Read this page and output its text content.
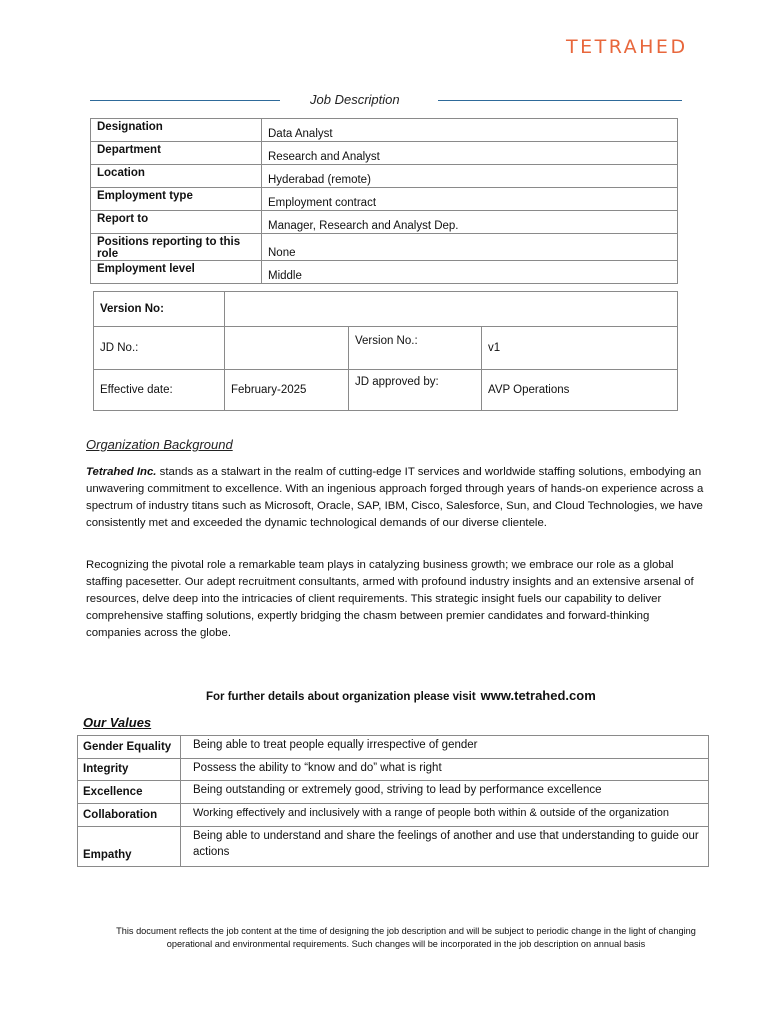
TETRAHED
Job Description
Designation	Data Analyst
Department	Research and Analyst
Location	Hyderabad (remote)
Employment type	Employment contract
Report to	Manager, Research and Analyst Dep.
Positions reporting to this role	None
Employment level	Middle
Version No:			
JD No.:		Version No.:	v1
Effective date:	February-2025	JD approved by:	AVP Operations

Organization Background

Tetrahed Inc. stands as a stalwart in the realm of cutting-edge IT services and worldwide staffing solutions, embodying an unwavering commitment to excellence. With an ingenious approach forged through years of hands-on experience across a spectrum of industry titans such as Microsoft, Oracle, SAP, IBM, Cisco, Salesforce, Sun, and Cloud Technologies, we have consistently met and exceeded the dynamic technological demands of our diverse clientele.

Recognizing the pivotal role a remarkable team plays in catalyzing business growth; we embrace our role as a global staffing pacesetter. Our adept recruitment consultants, armed with profound industry insights and an extensive arsenal of resources, delve deep into the intricacies of client requirements. This strategic insight fuels our capability to deliver comprehensive staffing solutions, expertly bridging the chasm between premier candidates and forward-thinking companies across the globe.

For further details about organization please visit www.tetrahed.com

Our Values

Gender Equality	Being able to treat people equally irrespective of gender
Integrity	Possess the ability to “know and do” what is right
Excellence	Being outstanding or extremely good, striving to lead by performance excellence
Collaboration	Working effectively and inclusively with a range of people both within & outside of the organization
Empathy	Being able to understand and share the feelings of another and use that understanding to guide our actions

This document reflects the job content at the time of designing the job description and will be subject to periodic change in the light of changing operational and environmental requirements. Such changes will be incorporated in the job description on annual basis
